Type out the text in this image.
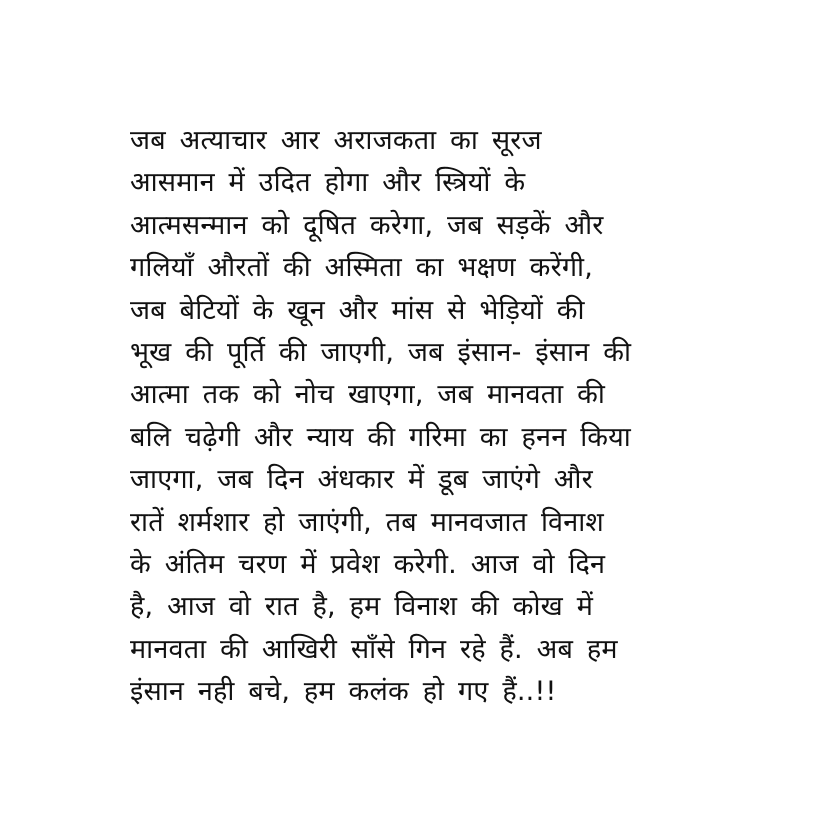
जब अत्याचार आर अराजकता का सूरज
आसमान में उदित होगा और स्त्रियों के
आत्मसन्मान को दूषित करेगा, जब सड़कें और
गलियाँ औरतों की अस्मिता का भक्षण करेंगी,
जब बेटियों के खून और मांस से भेड़ियों की
भूख की पूर्ति की जाएगी, जब इंसान- इंसान की
आत्मा तक को नोच खाएगा, जब मानवता की
बलि चढ़ेगी और न्याय की गरिमा का हनन किया
जाएगा, जब दिन अंधकार में डूब जाएंगे और
रातें शर्मशार हो जाएंगी, तब मानवजात विनाश
के अंतिम चरण में प्रवेश करेगी. आज वो दिन
है, आज वो रात है, हम विनाश की कोख में
मानवता की आखिरी साँसे गिन रहे हैं. अब हम
इंसान नही बचे, हम कलंक हो गए हैं..!!
